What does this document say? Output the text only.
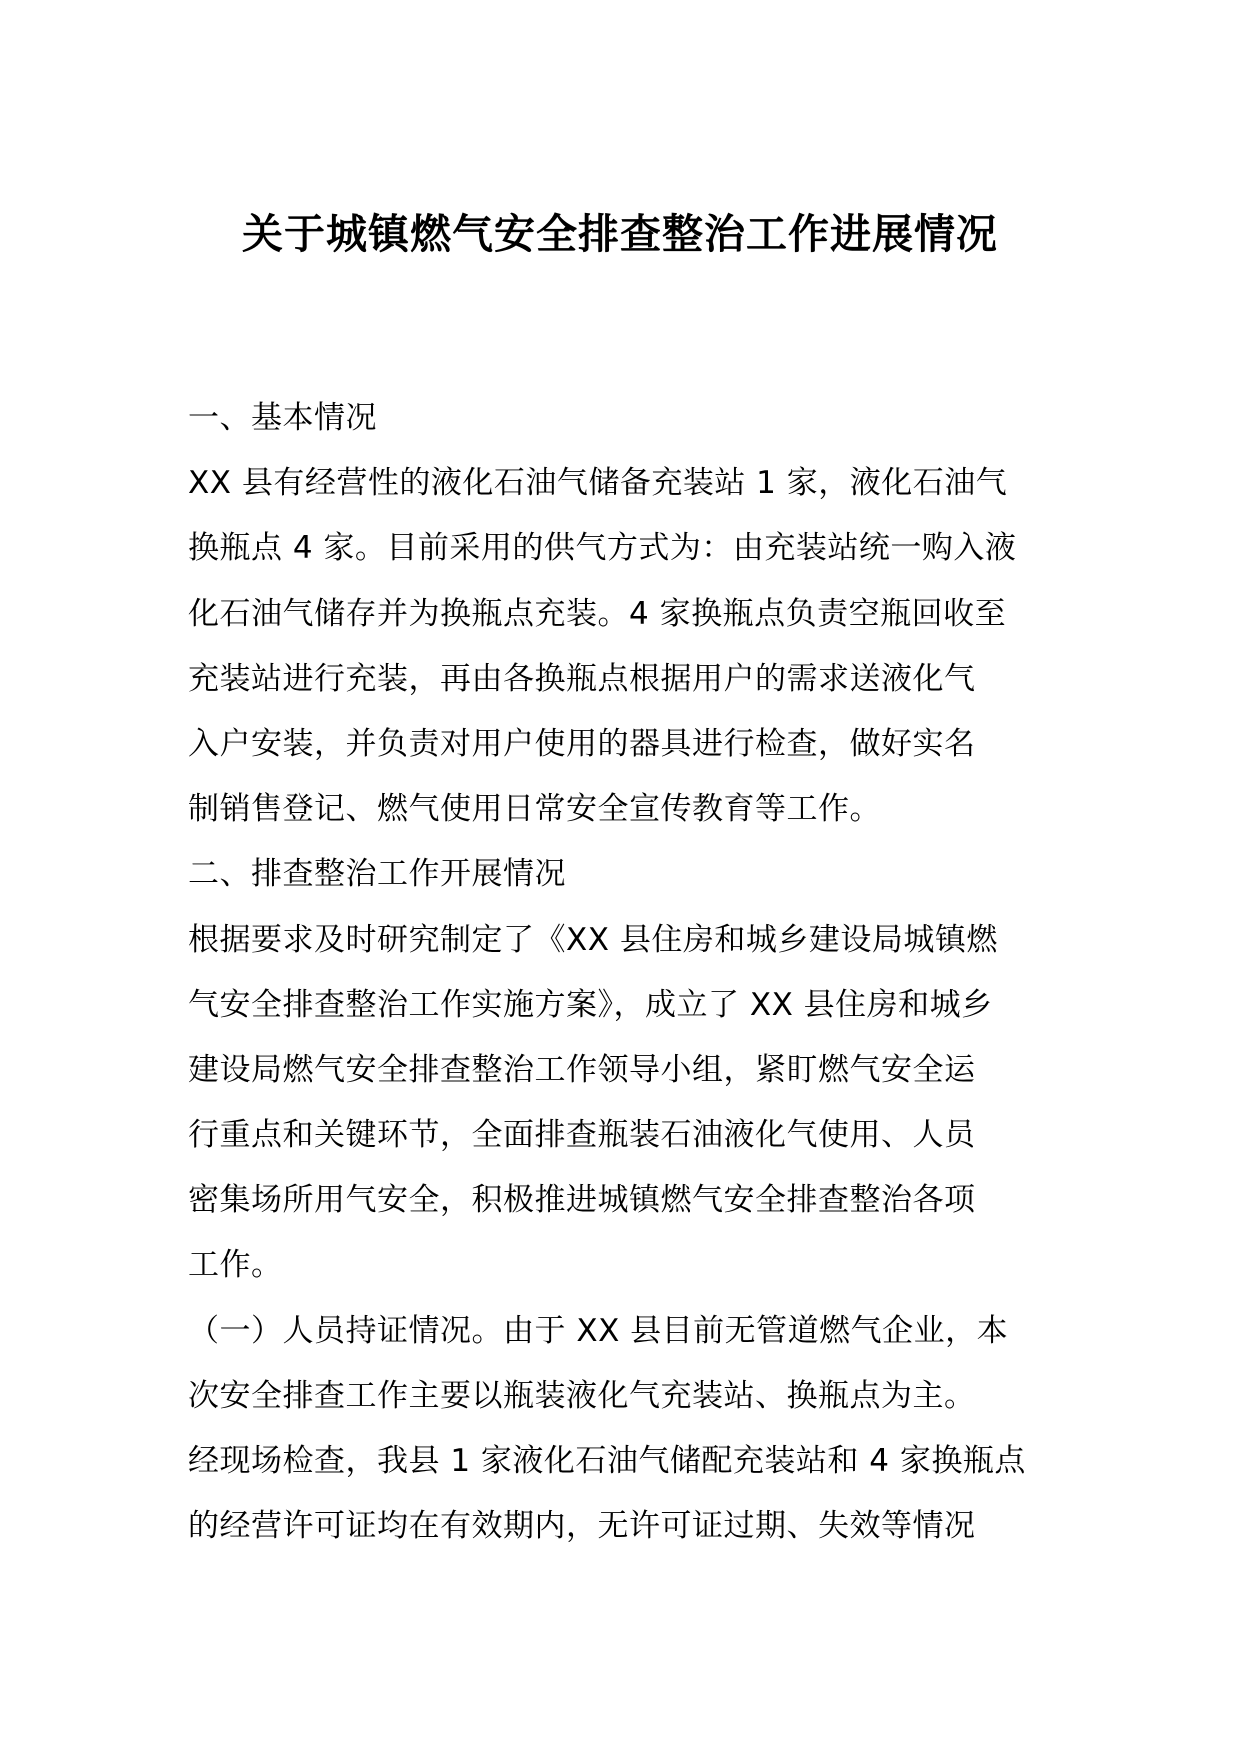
关于城镇燃气安全排查整治工作进展情况
一、基本情况
XX 县有经营性的液化石油气储备充装站 1 家，液化石油气
换瓶点 4 家。目前采用的供气方式为：由充装站统一购入液
化石油气储存并为换瓶点充装。4 家换瓶点负责空瓶回收至
充装站进行充装，再由各换瓶点根据用户的需求送液化气
入户安装，并负责对用户使用的器具进行检查，做好实名
制销售登记、燃气使用日常安全宣传教育等工作。
二、排查整治工作开展情况
根据要求及时研究制定了《XX 县住房和城乡建设局城镇燃
气安全排查整治工作实施方案》，成立了 XX 县住房和城乡
建设局燃气安全排查整治工作领导小组，紧盯燃气安全运
行重点和关键环节，全面排查瓶装石油液化气使用、人员
密集场所用气安全，积极推进城镇燃气安全排查整治各项
工作。
（一）人员持证情况。由于 XX 县目前无管道燃气企业，本
次安全排查工作主要以瓶装液化气充装站、换瓶点为主。
经现场检查，我县 1 家液化石油气储配充装站和 4 家换瓶点
的经营许可证均在有效期内，无许可证过期、失效等情况
